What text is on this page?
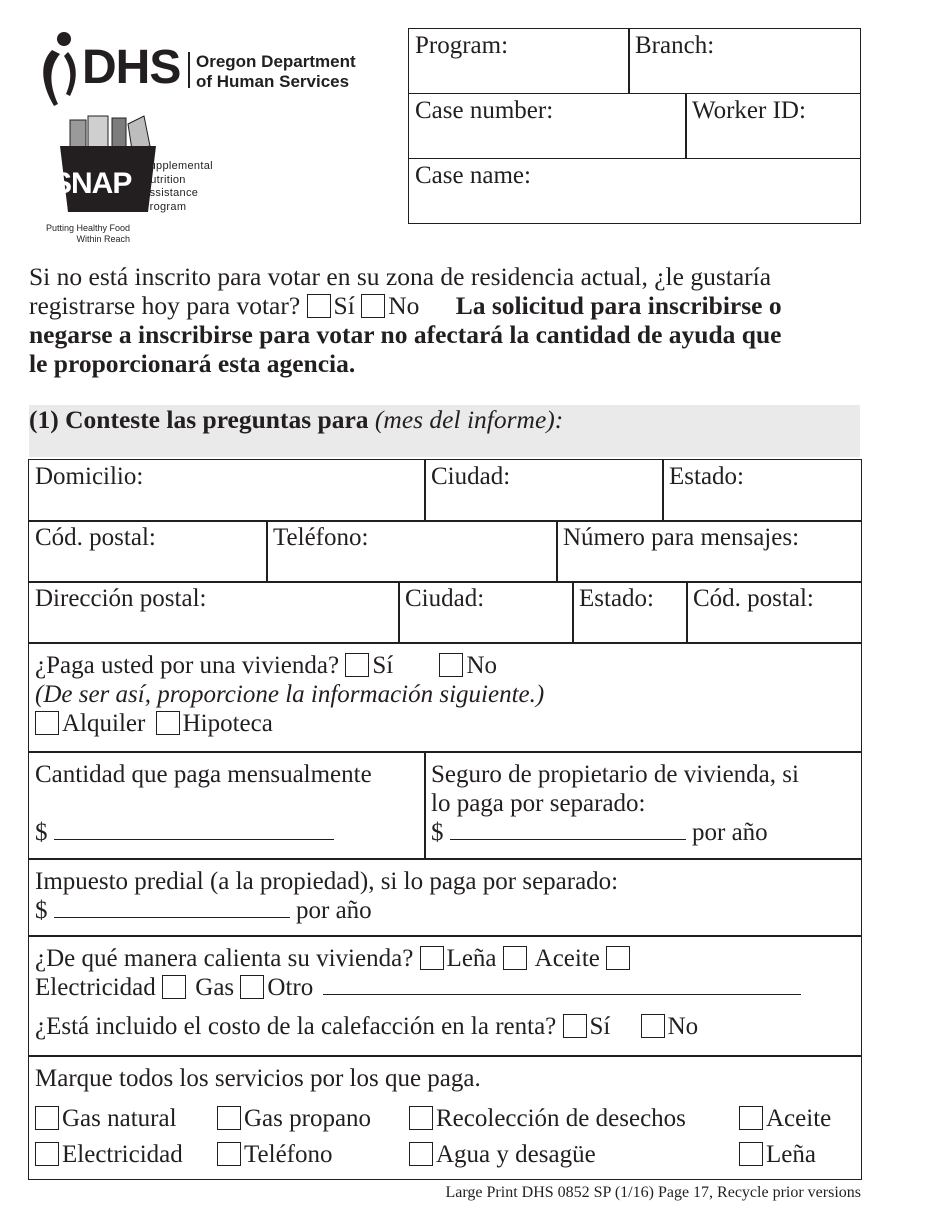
DHS Oregon Department
of Human Services
SNAP
Supplemental
Nutrition
Assistance
Program
Putting Healthy Food
Within Reach
Program:	Branch:
Case number:	Worker ID:
Case name:
Si no está inscrito para votar en su zona de residencia actual, ¿le gustaría
registrarse hoy para votar? Sí No La solicitud para inscribirse o
negarse a inscribirse para votar no afectará la cantidad de ayuda que
le proporcionará esta agencia.
(1) Conteste las preguntas para (mes del informe):
Domicilio:	Ciudad:	Estado:
Cód. postal:	Teléfono:	Número para mensajes:
Dirección postal:	Ciudad:	Estado:	Cód. postal:
¿Paga usted por una vivienda? Sí	No
(De ser así, proporcione la información siguiente.)
Alquiler Hipoteca
Cantidad que paga mensualmente
$
Seguro de propietario de vivienda, si
lo paga por separado:
$	por año
Impuesto predial (a la propiedad), si lo paga por separado:
$	por año
¿De qué manera calienta su vivienda? Leña Aceite
Electricidad Gas Otro
¿Está incluido el costo de la calefacción en la renta? Sí No
Marque todos los servicios por los que paga.
Gas natural	Gas propano	Recolección de desechos	Aceite
Electricidad	Teléfono	Agua y desagüe	Leña
Large Print DHS 0852 SP (1/16) Page 17, Recycle prior versions
